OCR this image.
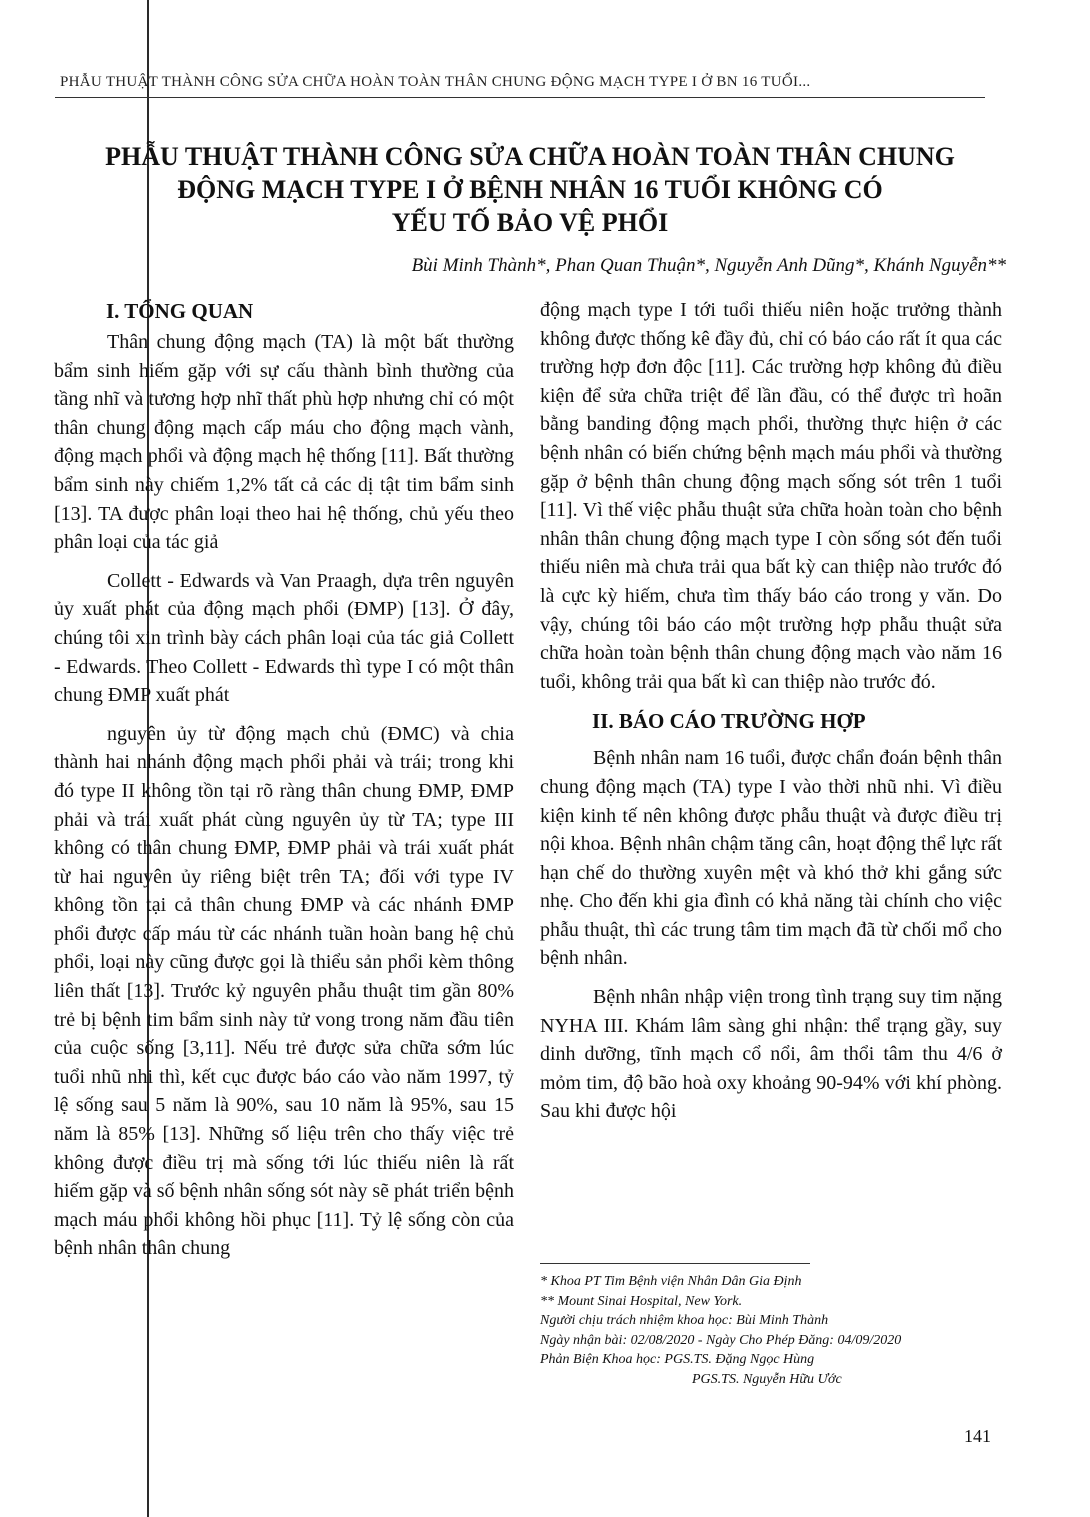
PHẪU THUẬT THÀNH CÔNG SỬA CHỮA HOÀN TOÀN THÂN CHUNG ĐỘNG MẠCH TYPE I Ở BN 16 TUỔI...
PHẪU THUẬT THÀNH CÔNG SỬA CHỮA HOÀN TOÀN THÂN CHUNG
ĐỘNG MẠCH TYPE I Ở BỆNH NHÂN 16 TUỔI KHÔNG CÓ
YẾU TỐ BẢO VỆ PHỔI
Bùi Minh Thành*, Phan Quan Thuận*, Nguyễn Anh Dũng*, Khánh Nguyễn**
I. TỔNG QUAN

Thân chung động mạch (TA) là một bất thường bẩm sinh hiếm gặp với sự cấu thành bình thường của tầng nhĩ và tương hợp nhĩ thất phù hợp nhưng chỉ có một thân chung động mạch cấp máu cho động mạch vành, động mạch phổi và động mạch hệ thống [11]. Bất thường bẩm sinh này chiếm 1,2% tất cả các dị tật tim bẩm sinh [13]. TA được phân loại theo hai hệ thống, chủ yếu theo phân loại của tác giả

Collett - Edwards và Van Praagh, dựa trên nguyên ủy xuất phát của động mạch phổi (ĐMP) [13]. Ở đây, chúng tôi xin trình bày cách phân loại của tác giả Collett - Edwards. Theo Collett - Edwards thì type I có một thân chung ĐMP xuất phát

nguyên ủy từ động mạch chủ (ĐMC) và chia thành hai nhánh động mạch phổi phải và trái; trong khi đó type II không tồn tại rõ ràng thân chung ĐMP, ĐMP phải và trái xuất phát cùng nguyên ủy từ TA; type III không có thân chung ĐMP, ĐMP phải và trái xuất phát từ hai nguyên ủy riêng biệt trên TA; đối với type IV không tồn tại cả thân chung ĐMP và các nhánh ĐMP phổi được cấp máu từ các nhánh tuần hoàn bang hệ chủ phổi, loại này cũng được gọi là thiểu sản phổi kèm thông liên thất [13]. Trước kỷ nguyên phẫu thuật tim gần 80% trẻ bị bệnh tim bẩm sinh này tử vong trong năm đầu tiên của cuộc sống [3,11]. Nếu trẻ được sửa chữa sớm lúc tuổi nhũ nhi thì, kết cục được báo cáo vào năm 1997, tỷ lệ sống sau 5 năm là 90%, sau 10 năm là 95%, sau 15 năm là 85% [13]. Những số liệu trên cho thấy việc trẻ không được điều trị mà sống tới lúc thiếu niên là rất hiếm gặp và số bệnh nhân sống sót này sẽ phát triển bệnh mạch máu phổi không hồi phục [11]. Tỷ lệ sống còn của bệnh nhân thân chung

động mạch type I tới tuổi thiếu niên hoặc trưởng thành không được thống kê đầy đủ, chỉ có báo cáo rất ít qua các trường hợp đơn độc [11]. Các trường hợp không đủ điều kiện để sửa chữa triệt để lần đầu, có thể được trì hoãn bằng banding động mạch phổi, thường thực hiện ở các bệnh nhân có biến chứng bệnh mạch máu phổi và thường gặp ở bệnh thân chung động mạch sống sót trên 1 tuổi [11]. Vì thế việc phẫu thuật sửa chữa hoàn toàn cho bệnh nhân thân chung động mạch type I còn sống sót đến tuổi thiếu niên mà chưa trải qua bất kỳ can thiệp nào trước đó là cực kỳ hiếm, chưa tìm thấy báo cáo trong y văn. Do vậy, chúng tôi báo cáo một trường hợp phẫu thuật sửa chữa hoàn toàn bệnh thân chung động mạch vào năm 16 tuổi, không trải qua bất kì can thiệp nào trước đó.

II. BÁO CÁO TRƯỜNG HỢP

Bệnh nhân nam 16 tuổi, được chẩn đoán bệnh thân chung động mạch (TA) type I vào thời nhũ nhi. Vì điều kiện kinh tế nên không được phẫu thuật và được điều trị nội khoa. Bệnh nhân chậm tăng cân, hoạt động thể lực rất hạn chế do thường xuyên mệt và khó thở khi gắng sức nhẹ. Cho đến khi gia đình có khả năng tài chính cho việc phẫu thuật, thì các trung tâm tim mạch đã từ chối mổ cho bệnh nhân.

Bệnh nhân nhập viện trong tình trạng suy tim nặng NYHA III. Khám lâm sàng ghi nhận: thể trạng gầy, suy dinh dưỡng, tĩnh mạch cổ nổi, âm thổi tâm thu 4/6 ở mỏm tim, độ bão hoà oxy khoảng 90-94% với khí phòng. Sau khi được hội

* Khoa PT Tim Bệnh viện Nhân Dân Gia Định
** Mount Sinai Hospital, New York.
Người chịu trách nhiệm khoa học: Bùi Minh Thành
Ngày nhận bài: 02/08/2020 - Ngày Cho Phép Đăng: 04/09/2020
Phản Biện Khoa học: PGS.TS. Đặng Ngọc Hùng
PGS.TS. Nguyễn Hữu Ước
141
